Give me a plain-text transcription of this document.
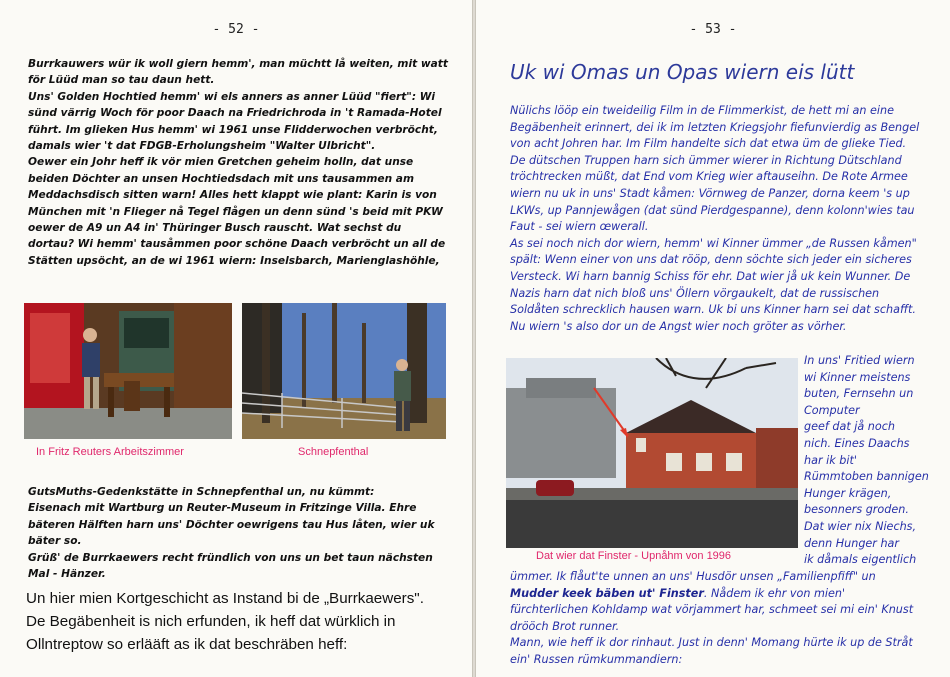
- 52 -

Burrkauwers wür ik woll giern hemm', man müchtt lå weiten, mit watt för Lüüd man so tau daun hett.

Uns' Golden Hochtied hemm' wi els anners as anner Lüüd "fiert": Wi sünd värrig Woch för poor Daach na Friedrichroda in 't Ramada-Hotel führt. Im glieken Hus hemm' wi 1961 unse Flidderwochen verbröcht, damals wier 't dat FDGB-Erholungsheim "Walter Ulbricht".

Oewer ein Johr heff ik vör mien Gretchen geheim holln, dat unse beiden Döchter an unsen Hochtiedsdach mit uns tausammen am Meddachsdisch sitten warn! Alles hett klappt wie plant: Karin is von München mit 'n Flieger nå Tegel flågen un denn sünd 's beid mit PKW oewer de A9 un A4 in' Thüringer Busch rauscht. Wat sechst du dortau? Wi hemm' tausåmmen poor schöne Daach verbröcht un all de Stätten upsöcht, an de wi 1961 wiern: Inselsbarch, Marienglashöhle,

In Fritz Reuters Arbeitszimmer	Schnepfenthal

GutsMuths-Gedenkstätte in Schnepfenthal un, nu kümmt:

Eisenach mit Wartburg un Reuter-Museum in Fritzinge Villa. Ehre bäteren Hälften harn uns' Döchter oewrigens tau Hus låten, wier uk bäter so.

Grüß' de Burrkaewers recht fründlich von uns un bet taun nächsten Mal - Hänzer.

Un hier mien Kortgeschicht as Instand bi de „Burrkaewers". De Begäbenheit is nich erfunden, ik heff dat würklich in Ollntreptow so erlääft as ik dat beschräben heff:
- 53 -
Uk wi Omas un Opas wiern eis lütt

Nülichs lööp ein tweideilig Film in de Flimmerkist, de hett mi an eine Begäbenheit erinnert, dei ik im letzten Kriegsjohr fiefunvierdig as Bengel von acht Johren har. Im Film handelte sich dat etwa üm de glieke Tied.

De dütschen Truppen harn sich ümmer wierer in Richtung Dütschland tröchtrecken müßt, dat End vom Krieg wier aftauseihn. De Rote Armee wiern nu uk in uns' Stadt kåmen: Vörnweg de Panzer, dorna keem 's up LKWs, up Pannjewågen (dat sünd Pierdgespanne), denn kolonn'wies tau Faut - sei wiern œwerall.

As sei noch nich dor wiern, hemm' wi Kinner ümmer „de Russen kåmen" spält: Wenn einer von uns dat rööp, denn söchte sich jeder ein sicheres Versteck. Wi harn bannig Schiss för ehr. Dat wier jå uk kein Wunner. De Nazis harn dat nich bloß uns' Öllern vörgaukelt, dat de russischen Soldåten schrecklich hausen warn. Uk bi uns Kinner harn sei dat schafft. Nu wiern 's also dor un de Angst wier noch gröter as vörher.

Dat wier dat Finster - Upnåhm von 1996

In uns' Fritied wiern

wi Kinner meistens

buten, Fernsehn un

Computer

geef dat jå noch

nich. Eines Daachs

har ik bit'

Rümmtoben bannigen

Hunger krägen,

besonners groden.

Dat wier nix Niechs,

denn Hunger har

ik dåmals eigentlich

ümmer. Ik flåut'te unnen an uns' Husdör unsen „Familienpfiff" un Mudder keek bäben ut' Finster. Nådem ik ehr von mien' fürchterlichen Kohldamp wat vörjammert har, schmeet sei mi ein' Knust drööch Brot runner.

Mann, wie heff ik dor rinhaut. Just in denn' Momang hürte ik up de Stråt ein' Russen rümkummandiern:
